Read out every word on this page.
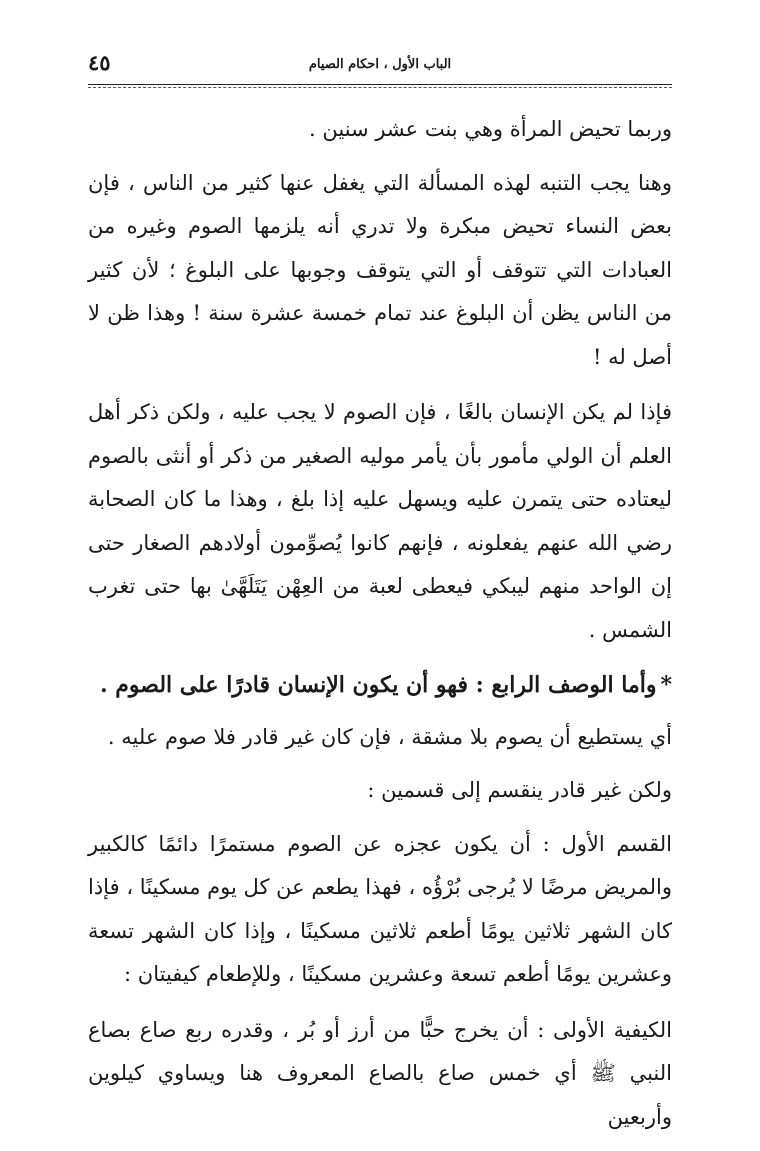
٤٥	الباب الأول ، احكام الصيام

وربما تحيض المرأة وهي بنت عشر سنين .

وهنا يجب التنبه لهذه المسألة التي يغفل عنها كثير من الناس ، فإن بعض النساء تحيض مبكرة ولا تدري أنه يلزمها الصوم وغيره من العبادات التي تتوقف أو التي يتوقف وجوبها على البلوغ ؛ لأن كثير من الناس يظن أن البلوغ عند تمام خمسة عشرة سنة ! وهذا ظن لا أصل له !

فإذا لم يكن الإنسان بالغًا ، فإن الصوم لا يجب عليه ، ولكن ذكر أهل العلم أن الولي مأمور بأن يأمر موليه الصغير من ذكر أو أنثى بالصوم ليعتاده حتى يتمرن عليه ويسهل عليه إذا بلغ ، وهذا ما كان الصحابة رضي الله عنهم يفعلونه ، فإنهم كانوا يُصوِّمون أولادهم الصغار حتى إن الواحد منهم ليبكي فيعطى لعبة من العِهْن يَتَلَهَّىٰ بها حتى تغرب الشمس .

*وأما الوصف الرابع : فهو أن يكون الإنسان قادرًا على الصوم .

أي يستطيع أن يصوم بلا مشقة ، فإن كان غير قادر فلا صوم عليه .

ولكن غير قادر ينقسم إلى قسمين :

القسم الأول : أن يكون عجزه عن الصوم مستمرًا دائمًا كالكبير والمريض مرضًا لا يُرجى بُرْؤُه ، فهذا يطعم عن كل يوم مسكينًا ، فإذا كان الشهر ثلاثين يومًا أطعم ثلاثين مسكينًا ، وإذا كان الشهر تسعة وعشرين يومًا أطعم تسعة وعشرين مسكينًا ، وللإطعام كيفيتان :

الكيفية الأولى : أن يخرج حبًّا من أرز أو بُر ، وقدره ربع صاع بصاع النبي ﷺ أي خمس صاع بالصاع المعروف هنا ويساوي كيلوين وأربعين
